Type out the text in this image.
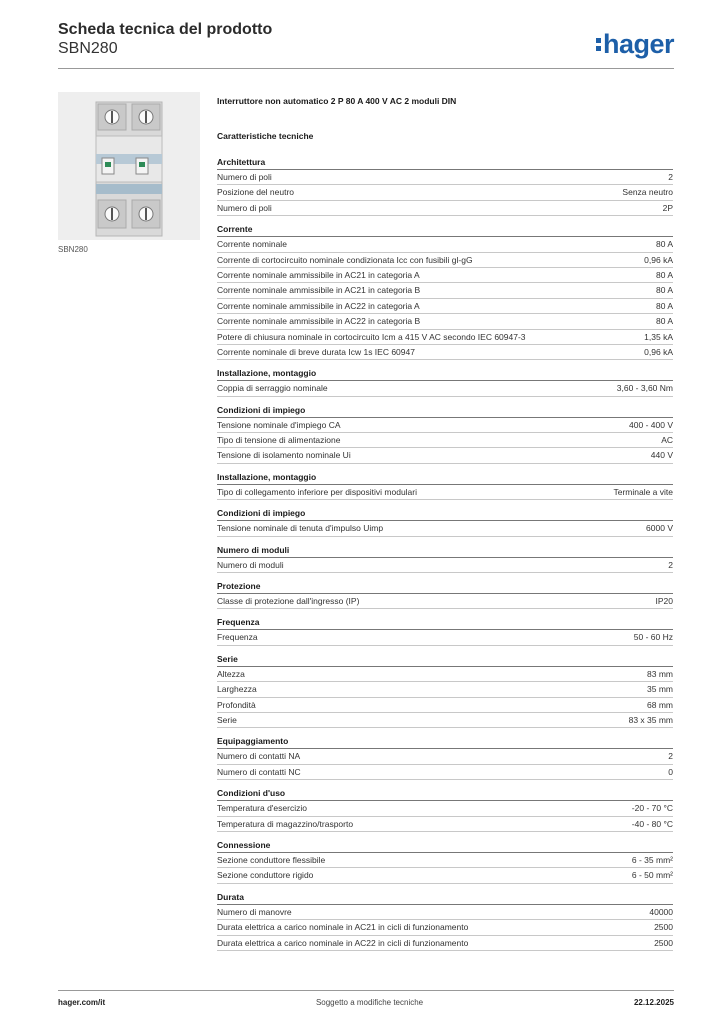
Scheda tecnica del prodotto

SBN280	hager
SBN280

Interruttore non automatico 2 P 80 A 400 V AC 2 moduli DIN

Caratteristiche tecniche

Architettura
Numero di poli	2
Posizione del neutro	Senza neutro
Numero di poli	2P
Corrente
Corrente nominale	80 A
Corrente di cortocircuito nominale condizionata Icc con fusibili gl-gG	0,96 kA
Corrente nominale ammissibile in AC21 in categoria A	80 A
Corrente nominale ammissibile in AC21 in categoria B	80 A
Corrente nominale ammissibile in AC22 in categoria A	80 A
Corrente nominale ammissibile in AC22 in categoria B	80 A
Potere di chiusura nominale in cortocircuito Icm a 415 V AC secondo IEC 60947-3	1,35 kA
Corrente nominale di breve durata Icw 1s IEC 60947	0,96 kA
Installazione, montaggio
Coppia di serraggio nominale	3,60 - 3,60 Nm
Condizioni di impiego
Tensione nominale d'impiego CA	400 - 400 V
Tipo di tensione di alimentazione	AC
Tensione di isolamento nominale Ui	440 V
Installazione, montaggio
Tipo di collegamento inferiore per dispositivi modulari	Terminale a vite
Condizioni di impiego
Tensione nominale di tenuta d'impulso Uimp	6000 V
Numero di moduli
Numero di moduli	2
Protezione
Classe di protezione dall'ingresso (IP)	IP20
Frequenza
Frequenza	50 - 60 Hz
Serie
Altezza	83 mm
Larghezza	35 mm
Profondità	68 mm
Serie	83 x 35 mm
Equipaggiamento
Numero di contatti NA	2
Numero di contatti NC	0
Condizioni d'uso
Temperatura d'esercizio	-20 - 70 °C
Temperatura di magazzino/trasporto	-40 - 80 °C
Connessione
Sezione conduttore flessibile	6 - 35 mm²
Sezione conduttore rigido	6 - 50 mm²
Durata
Numero di manovre	40000
Durata elettrica a carico nominale in AC21 in cicli di funzionamento	2500
Durata elettrica a carico nominale in AC22 in cicli di funzionamento	2500
hager.com/it	Soggetto a modifiche tecniche	22.12.2025
